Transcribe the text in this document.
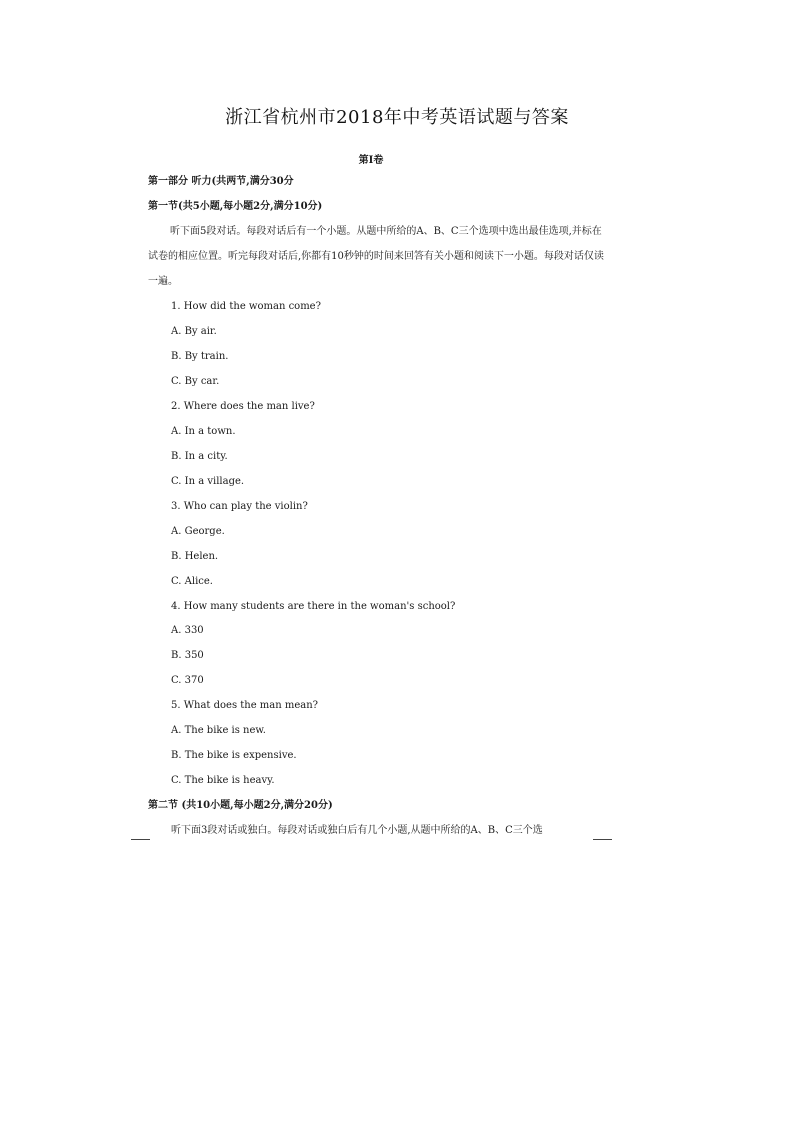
浙江省杭州市2018年中考英语试题与答案
第I卷
第一部分 听力(共两节,满分30分
第一节(共5小题,每小题2分,满分10分)
听下面5段对话。每段对话后有一个小题。从题中所给的A、B、C三个选项中选出最佳选项,并标在试卷的相应位置。听完每段对话后,你都有10秒钟的时间来回答有关小题和阅读下一小题。每段对话仅读一遍。
1. How did the woman come?
A. By air.
B. By train.
C. By car.
2. Where does the man live?
A. In a town.
B. In a city.
C. In a village.
3. Who can play the violin?
A. George.
B. Helen.
C. Alice.
4. How many students are there in the woman's school?
A. 330
B. 350
C. 370
5. What does the man mean?
A. The bike is new.
B. The bike is expensive.
C. The bike is heavy.
第二节 (共10小题,每小题2分,满分20分)
听下面3段对话或独白。每段对话或独白后有几个小题,从题中所给的A、B、C三个选
